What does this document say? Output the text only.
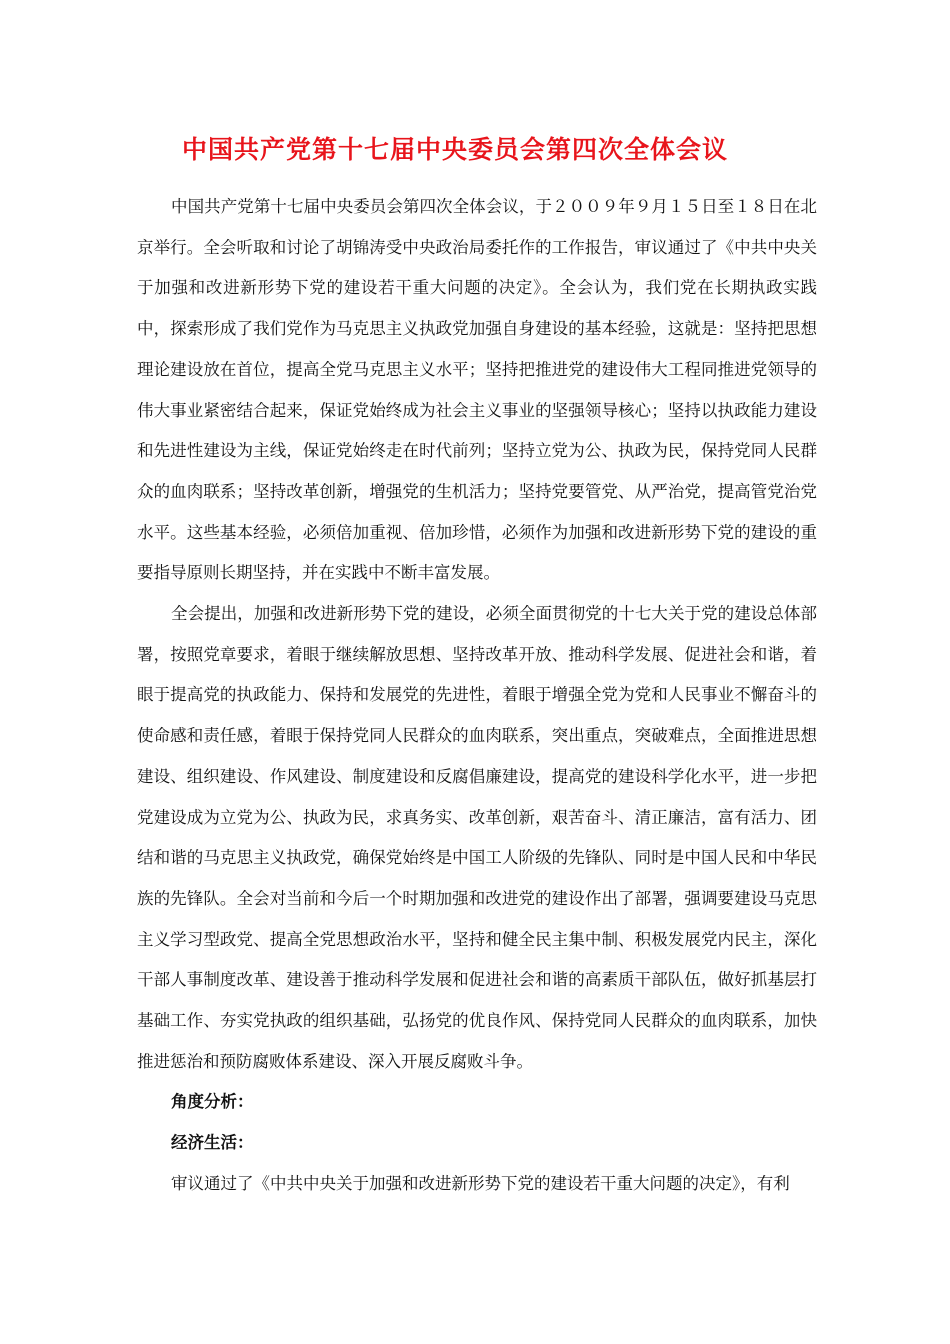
中国共产党第十七届中央委员会第四次全体会议

中国共产党第十七届中央委员会第四次全体会议，于２００９年９月１５日至１８日在北京举行。全会听取和讨论了胡锦涛受中央政治局委托作的工作报告，审议通过了《中共中央关于加强和改进新形势下党的建设若干重大问题的决定》。全会认为，我们党在长期执政实践中，探索形成了我们党作为马克思主义执政党加强自身建设的基本经验，这就是：坚持把思想理论建设放在首位，提高全党马克思主义水平；坚持把推进党的建设伟大工程同推进党领导的伟大事业紧密结合起来，保证党始终成为社会主义事业的坚强领导核心；坚持以执政能力建设和先进性建设为主线，保证党始终走在时代前列；坚持立党为公、执政为民，保持党同人民群众的血肉联系；坚持改革创新，增强党的生机活力；坚持党要管党、从严治党，提高管党治党水平。这些基本经验，必须倍加重视、倍加珍惜，必须作为加强和改进新形势下党的建设的重要指导原则长期坚持，并在实践中不断丰富发展。

全会提出，加强和改进新形势下党的建设，必须全面贯彻党的十七大关于党的建设总体部署，按照党章要求，着眼于继续解放思想、坚持改革开放、推动科学发展、促进社会和谐，着眼于提高党的执政能力、保持和发展党的先进性，着眼于增强全党为党和人民事业不懈奋斗的使命感和责任感，着眼于保持党同人民群众的血肉联系，突出重点，突破难点，全面推进思想建设、组织建设、作风建设、制度建设和反腐倡廉建设，提高党的建设科学化水平，进一步把党建设成为立党为公、执政为民，求真务实、改革创新，艰苦奋斗、清正廉洁，富有活力、团结和谐的马克思主义执政党，确保党始终是中国工人阶级的先锋队、同时是中国人民和中华民族的先锋队。全会对当前和今后一个时期加强和改进党的建设作出了部署，强调要建设马克思主义学习型政党、提高全党思想政治水平，坚持和健全民主集中制、积极发展党内民主，深化干部人事制度改革、建设善于推动科学发展和促进社会和谐的高素质干部队伍，做好抓基层打基础工作、夯实党执政的组织基础，弘扬党的优良作风、保持党同人民群众的血肉联系，加快推进惩治和预防腐败体系建设、深入开展反腐败斗争。

角度分析：

经济生活：

审议通过了《中共中央关于加强和改进新形势下党的建设若干重大问题的决定》，有利
